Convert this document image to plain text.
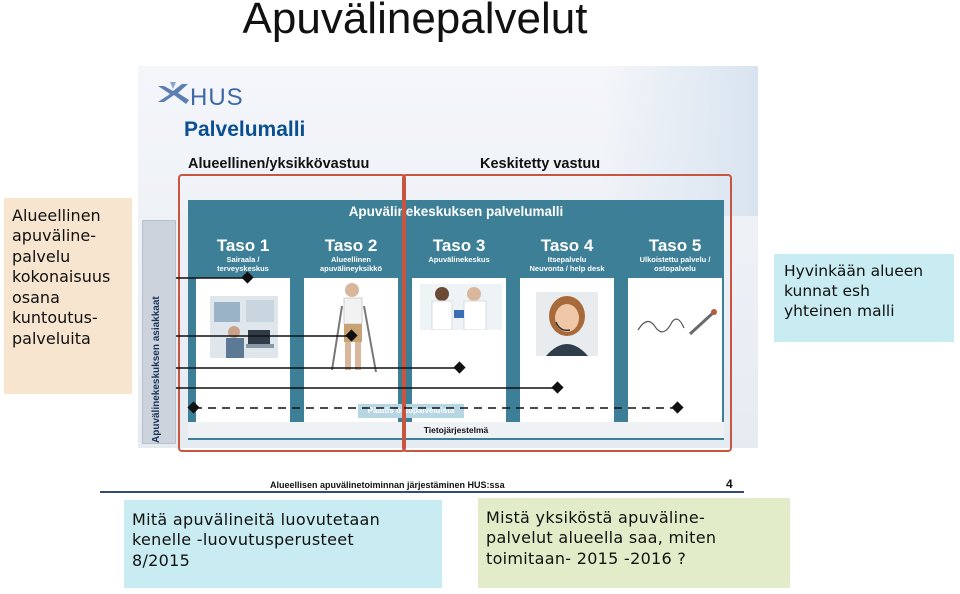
Apuvälinepalvelut
Alueellinen
apuväline-
palvelu
kokonaisuus
osana
kuntoutus-
palveluita
Hyvinkään alueen
kunnat esh
yhteinen malli
HUS
Palvelumalli
Alueellinen/yksikkövastuu	Keskitetty vastuu
Apuvälinekeskuksen palvelumalli
Apuvälinekeskuksen asiakkaat
Taso 1
Sairaala /
terveyskeskus
Taso 2
Alueellinen
apuvälineyksikkö
Taso 3
Apuvälinekeskus
Taso 4
Itsepalvelu
Neuvonta / help desk
Taso 5
Ulkoistettu palvelu /
ostopalvelu
Päätös ostopalveluista
Tietojärjestelmä
Alueellisen apuvälinetoiminnan järjestäminen HUS:ssa	4
Mitä apuvälineitä luovutetaan
kenelle -luovutusperusteet
8/2015
Mistä yksiköstä apuväline-
palvelut alueella saa, miten
toimitaan- 2015 -2016 ?
